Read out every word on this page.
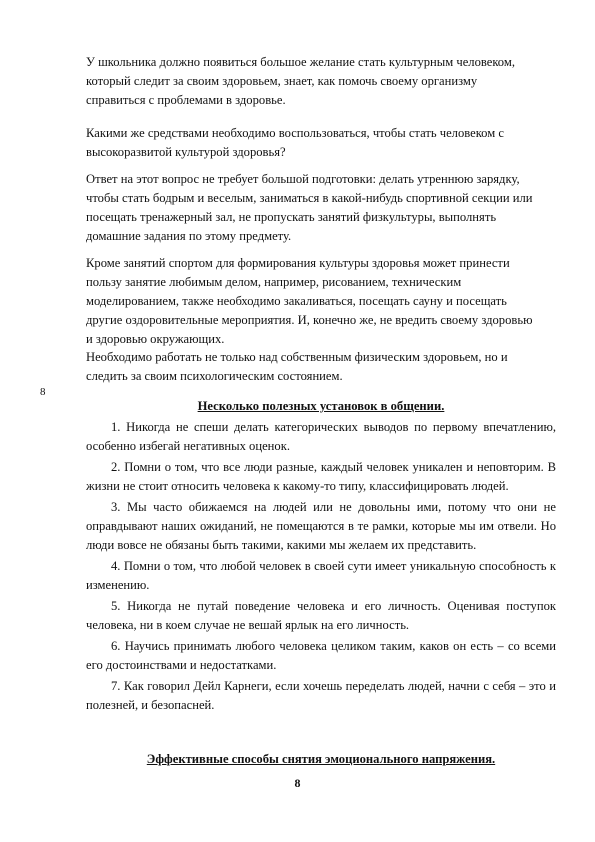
У школьника должно появиться большое желание стать культурным человеком, который следит за своим здоровьем, знает, как помочь своему организму справиться с проблемами в здоровье.

Какими же средствами необходимо воспользоваться, чтобы стать человеком с высокоразвитой культурой здоровья?

Ответ на этот вопрос не требует большой подготовки: делать утреннюю зарядку, чтобы стать бодрым и веселым, заниматься в какой-нибудь спортивной секции или посещать тренажерный зал, не пропускать занятий физкультуры, выполнять домашние задания по этому предмету.

Кроме занятий спортом для формирования культуры здоровья может принести пользу занятие любимым делом, например, рисованием, техническим моделированием, также необходимо закаливаться, посещать сауну и посещать другие оздоровительные мероприятия. И, конечно же, не вредить своему здоровью и здоровью окружающих.

Необходимо работать не только над собственным физическим здоровьем, но и следить за своим психологическим состоянием.

8

Несколько полезных установок в общении.

1. Никогда не спеши делать категорических выводов по первому впечатлению, особенно избегай негативных оценок.
2. Помни о том, что все люди разные, каждый человек уникален и неповторим. В жизни не стоит относить человека к какому-то типу, классифицировать людей.
3. Мы часто обижаемся на людей или не довольны ими, потому что они не оправдывают наших ожиданий, не помещаются в те рамки, которые мы им отвели. Но люди вовсе не обязаны быть такими, какими мы желаем их представить.
4. Помни о том, что любой человек в своей сути имеет уникальную способность к изменению.
5. Никогда не путай поведение человека и его личность. Оценивая поступок человека, ни в коем случае не вешай ярлык на его личность.
6. Научись принимать любого человека целиком таким, каков он есть – со всеми его достоинствами и недостатками.
7. Как говорил Дейл Карнеги, если хочешь переделать людей, начни с себя – это и полезней, и безопасней.

Эффективные способы снятия эмоционального напряжения.

8
